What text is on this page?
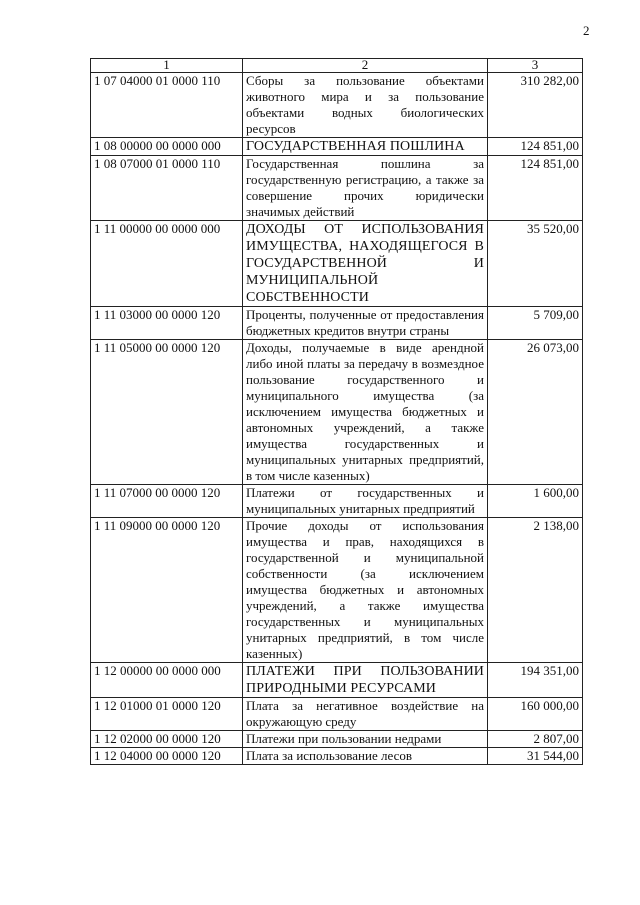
2
1	2	3
1 07 04000 01 0000 110	Сборы за пользование объектами животного мира и за пользование объектами водных биологических ресурсов	310 282,00
1 08 00000 00 0000 000	ГОСУДАРСТВЕННАЯ ПОШЛИНА	124 851,00
1 08 07000 01 0000 110	Государственная пошлина за государственную регистрацию, а также за совершение прочих юридически значимых действий	124 851,00
1 11 00000 00 0000 000	ДОХОДЫ ОТ ИСПОЛЬЗОВАНИЯ ИМУЩЕСТВА, НАХОДЯЩЕГОСЯ В ГОСУДАРСТВЕННОЙ И МУНИЦИПАЛЬНОЙ СОБСТВЕННОСТИ	35 520,00
1 11 03000 00 0000 120	Проценты, полученные от предоставления бюджетных кредитов внутри страны	5 709,00
1 11 05000 00 0000 120	Доходы, получаемые в виде арендной либо иной платы за передачу в возмездное пользование государственного и муниципального имущества (за исключением имущества бюджетных и автономных учреждений, а также имущества государственных и муниципальных унитарных предприятий, в том числе казенных)	26 073,00
1 11 07000 00 0000 120	Платежи от государственных и муниципальных унитарных предприятий	1 600,00
1 11 09000 00 0000 120	Прочие доходы от использования имущества и прав, находящихся в государственной и муниципальной собственности (за исключением имущества бюджетных и автономных учреждений, а также имущества государственных и муниципальных унитарных предприятий, в том числе казенных)	2 138,00
1 12 00000 00 0000 000	ПЛАТЕЖИ ПРИ ПОЛЬЗОВАНИИ ПРИРОДНЫМИ РЕСУРСАМИ	194 351,00
1 12 01000 01 0000 120	Плата за негативное воздействие на окружающую среду	160 000,00
1 12 02000 00 0000 120	Платежи при пользовании недрами	2 807,00
1 12 04000 00 0000 120	Плата за использование лесов	31 544,00
